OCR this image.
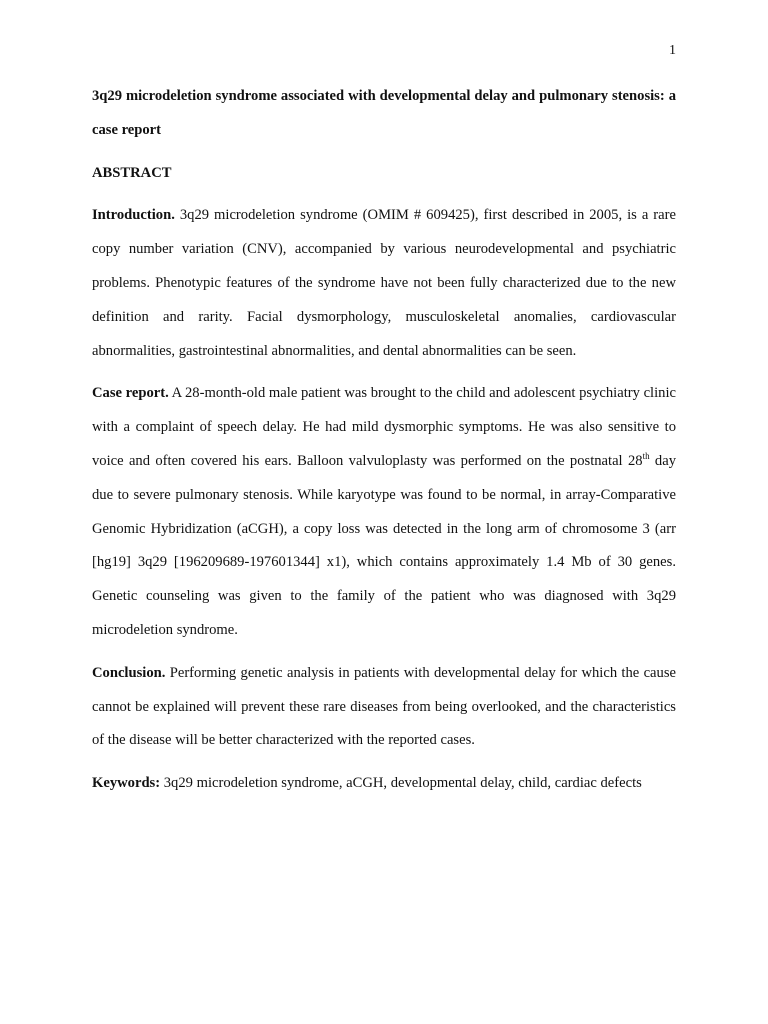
1

3q29 microdeletion syndrome associated with developmental delay and pulmonary stenosis: a case report

ABSTRACT

Introduction. 3q29 microdeletion syndrome (OMIM # 609425), first described in 2005, is a rare copy number variation (CNV), accompanied by various neurodevelopmental and psychiatric problems. Phenotypic features of the syndrome have not been fully characterized due to the new definition and rarity. Facial dysmorphology, musculoskeletal anomalies, cardiovascular abnormalities, gastrointestinal abnormalities, and dental abnormalities can be seen.

Case report. A 28-month-old male patient was brought to the child and adolescent psychiatry clinic with a complaint of speech delay. He had mild dysmorphic symptoms. He was also sensitive to voice and often covered his ears. Balloon valvuloplasty was performed on the postnatal 28th day due to severe pulmonary stenosis. While karyotype was found to be normal, in array-Comparative Genomic Hybridization (aCGH), a copy loss was detected in the long arm of chromosome 3 (arr [hg19] 3q29 [196209689-197601344] x1), which contains approximately 1.4 Mb of 30 genes. Genetic counseling was given to the family of the patient who was diagnosed with 3q29 microdeletion syndrome.

Conclusion. Performing genetic analysis in patients with developmental delay for which the cause cannot be explained will prevent these rare diseases from being overlooked, and the characteristics of the disease will be better characterized with the reported cases.

Keywords: 3q29 microdeletion syndrome, aCGH, developmental delay, child, cardiac defects
